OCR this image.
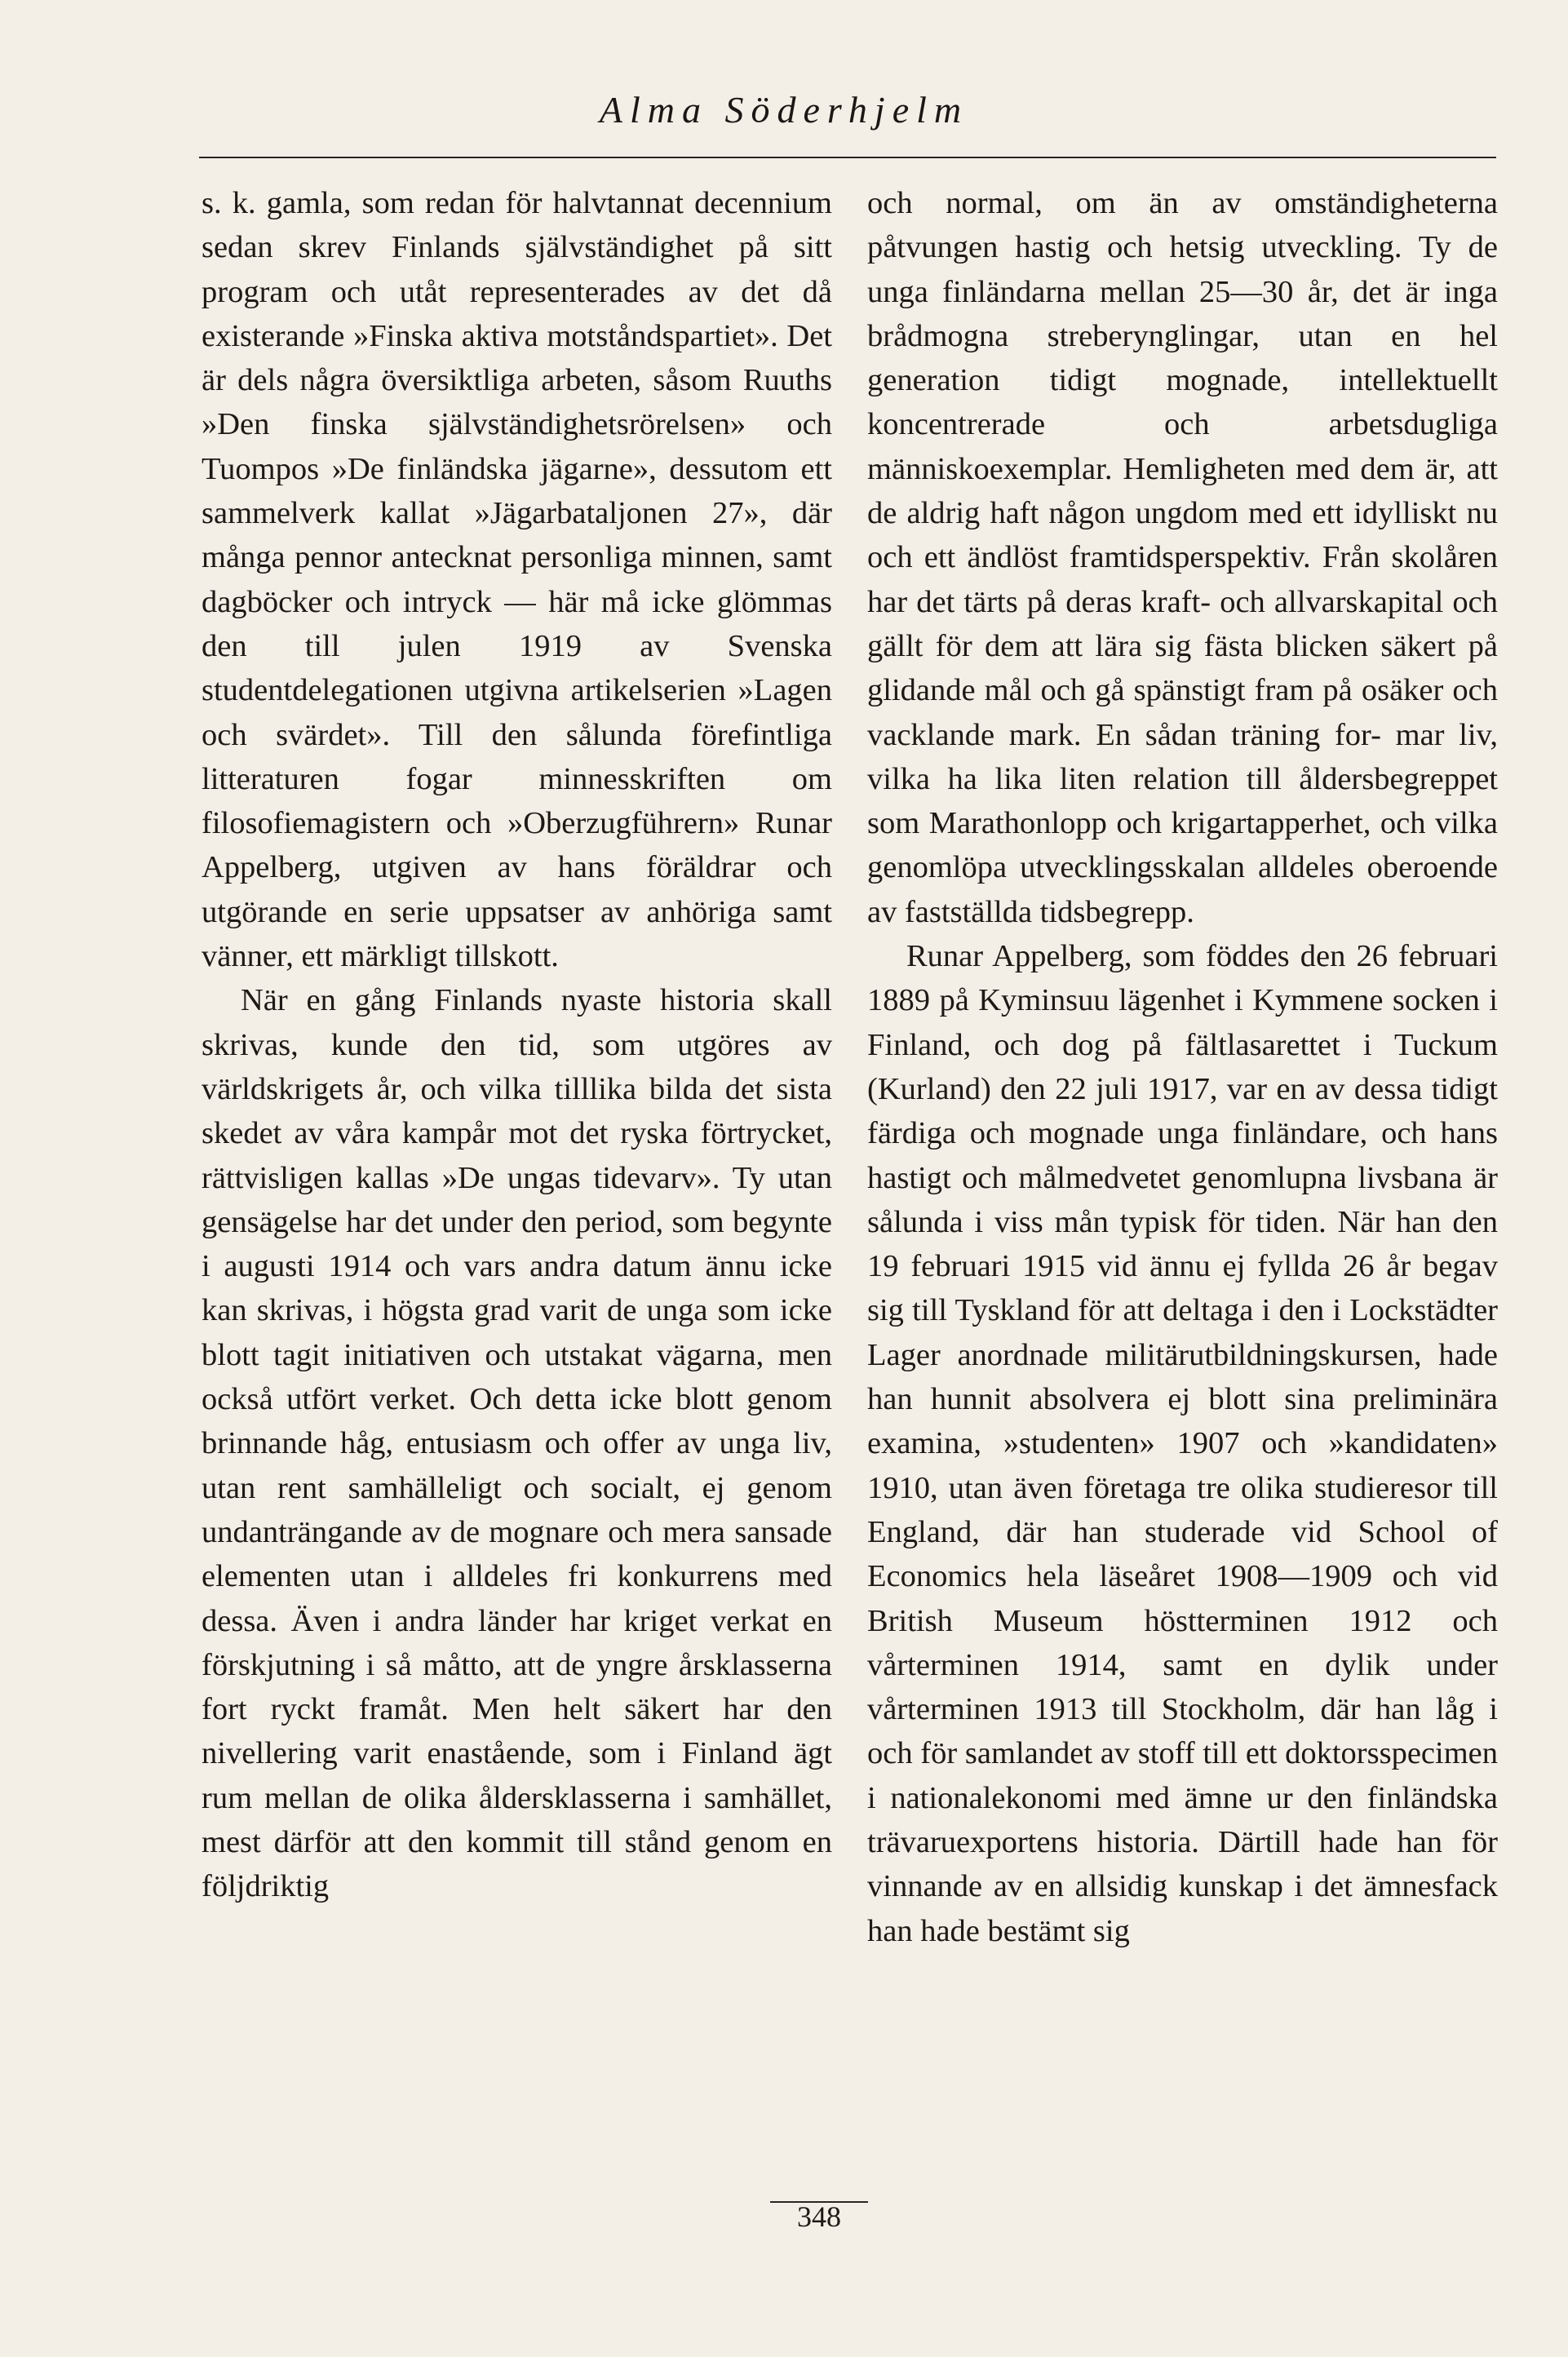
Alma Söderhjelm

s. k. gamla, som redan för halvtannat decennium sedan skrev Finlands självständighet på sitt program och utåt representerades av det då existerande »Finska aktiva motståndspartiet». Det är dels några översiktliga arbeten, såsom Ruuths »Den finska självständighetsrörelsen» och Tuompos »De finländska jägarne», dessutom ett sammelverk kallat »Jägarbataljonen 27», där många pennor antecknat personliga minnen, samt dagböcker och intryck — här må icke glömmas den till julen 1919 av Svenska studentdelegationen utgivna artikelserien »Lagen och svärdet». Till den sålunda förefintliga litteraturen fogar minnesskriften om filosofiemagistern och »Oberzugführern» Runar Appelberg, utgiven av hans föräldrar och utgörande en serie uppsatser av anhöriga samt vänner, ett märkligt tillskott.

När en gång Finlands nyaste historia skall skrivas, kunde den tid, som utgöres av världskrigets år, och vilka tilllika bilda det sista skedet av våra kampår mot det ryska förtrycket, rättvisligen kallas »De ungas tidevarv». Ty utan gensägelse har det under den period, som begynte i augusti 1914 och vars andra datum ännu icke kan skrivas, i högsta grad varit de unga som icke blott tagit initiativen och utstakat vägarna, men också utfört verket. Och detta icke blott genom brinnande håg, entusiasm och offer av unga liv, utan rent samhälleligt och socialt, ej genom undanträngande av de mognare och mera sansade elementen utan i alldeles fri konkurrens med dessa. Även i andra länder har kriget verkat en förskjutning i så måtto, att de yngre årsklasserna fort ryckt framåt. Men helt säkert har den nivellering varit enastående, som i Finland ägt rum mellan de olika åldersklasserna i samhället, mest därför att den kommit till stånd genom en följdriktig

och normal, om än av omständigheterna påtvungen hastig och hetsig utveckling. Ty de unga finländarna mellan 25—30 år, det är inga brådmogna streberynglingar, utan en hel generation tidigt mognade, intellektuellt koncentrerade och arbetsdugliga människoexemplar. Hemligheten med dem är, att de aldrig haft någon ungdom med ett idylliskt nu och ett ändlöst framtidsperspektiv. Från skolåren har det tärts på deras kraft- och allvarskapital och gällt för dem att lära sig fästa blicken säkert på glidande mål och gå spänstigt fram på osäker och vacklande mark. En sådan träning for- mar liv, vilka ha lika liten relation till åldersbegreppet som Marathonlopp och krigartapperhet, och vilka genomlöpa utvecklingsskalan alldeles oberoende av fastställda tidsbegrepp.

Runar Appelberg, som föddes den 26 februari 1889 på Kyminsuu lägenhet i Kymmene socken i Finland, och dog på fältlasarettet i Tuckum (Kurland) den 22 juli 1917, var en av dessa tidigt färdiga och mognade unga finländare, och hans hastigt och målmedvetet genomlupna livsbana är sålunda i viss mån typisk för tiden. När han den 19 februari 1915 vid ännu ej fyllda 26 år begav sig till Tyskland för att deltaga i den i Lockstädter Lager anordnade militärutbildningskursen, hade han hunnit absolvera ej blott sina preliminära examina, »studenten» 1907 och »kandidaten» 1910, utan även företaga tre olika studieresor till England, där han studerade vid School of Economics hela läseåret 1908—1909 och vid British Museum höstterminen 1912 och vårterminen 1914, samt en dylik under vårterminen 1913 till Stockholm, där han låg i och för samlandet av stoff till ett doktorsspecimen i nationalekonomi med ämne ur den finländska trävaruexportens historia. Därtill hade han för vinnande av en allsidig kunskap i det ämnesfack han hade bestämt sig

348
